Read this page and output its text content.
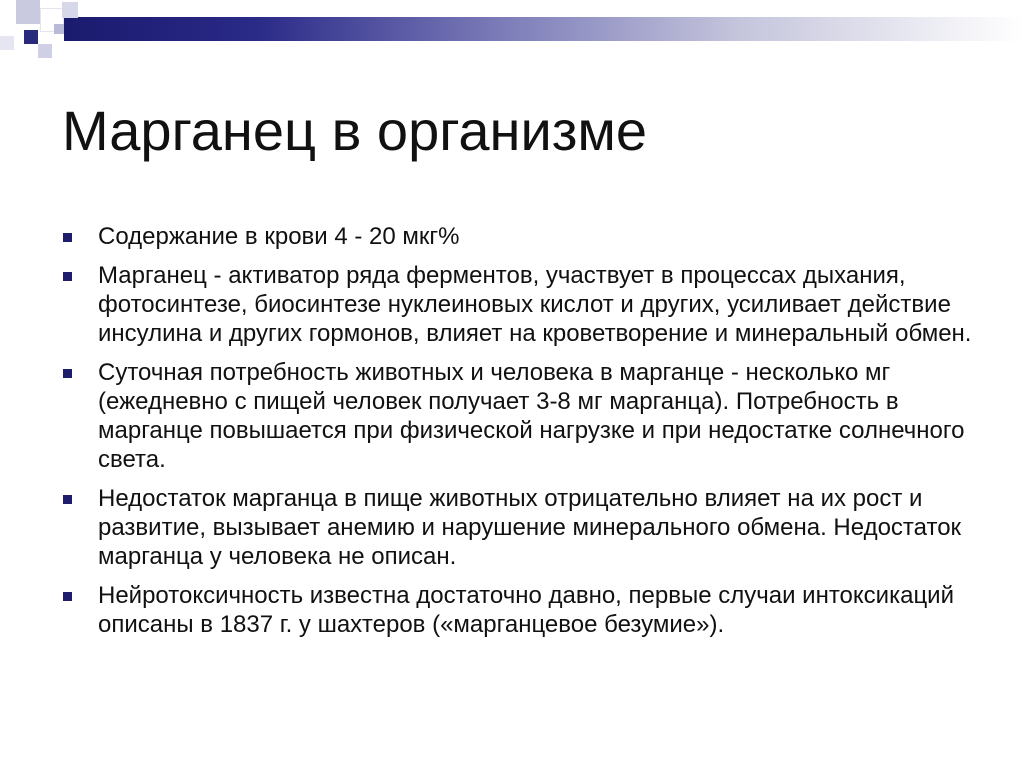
Марганец в организме
Содержание в крови 4 - 20 мкг%
Марганец - активатор ряда ферментов, участвует в процессах дыхания, фотосинтезе, биосинтезе нуклеиновых кислот и других, усиливает действие инсулина и других гормонов, влияет на кроветворение и минеральный обмен.
Суточная потребность животных и человека в марганце - несколько мг (ежедневно с пищей человек получает 3-8 мг марганца). Потребность в марганце повышается при физической нагрузке и при недостатке солнечного света.
Недостаток марганца в пище животных отрицательно влияет на их рост и развитие, вызывает анемию и нарушение минерального обмена. Недостаток марганца у человека не описан.
Нейротоксичность известна достаточно давно, первые случаи интоксикаций описаны в 1837 г. у шахтеров («марганцевое безумие»).
